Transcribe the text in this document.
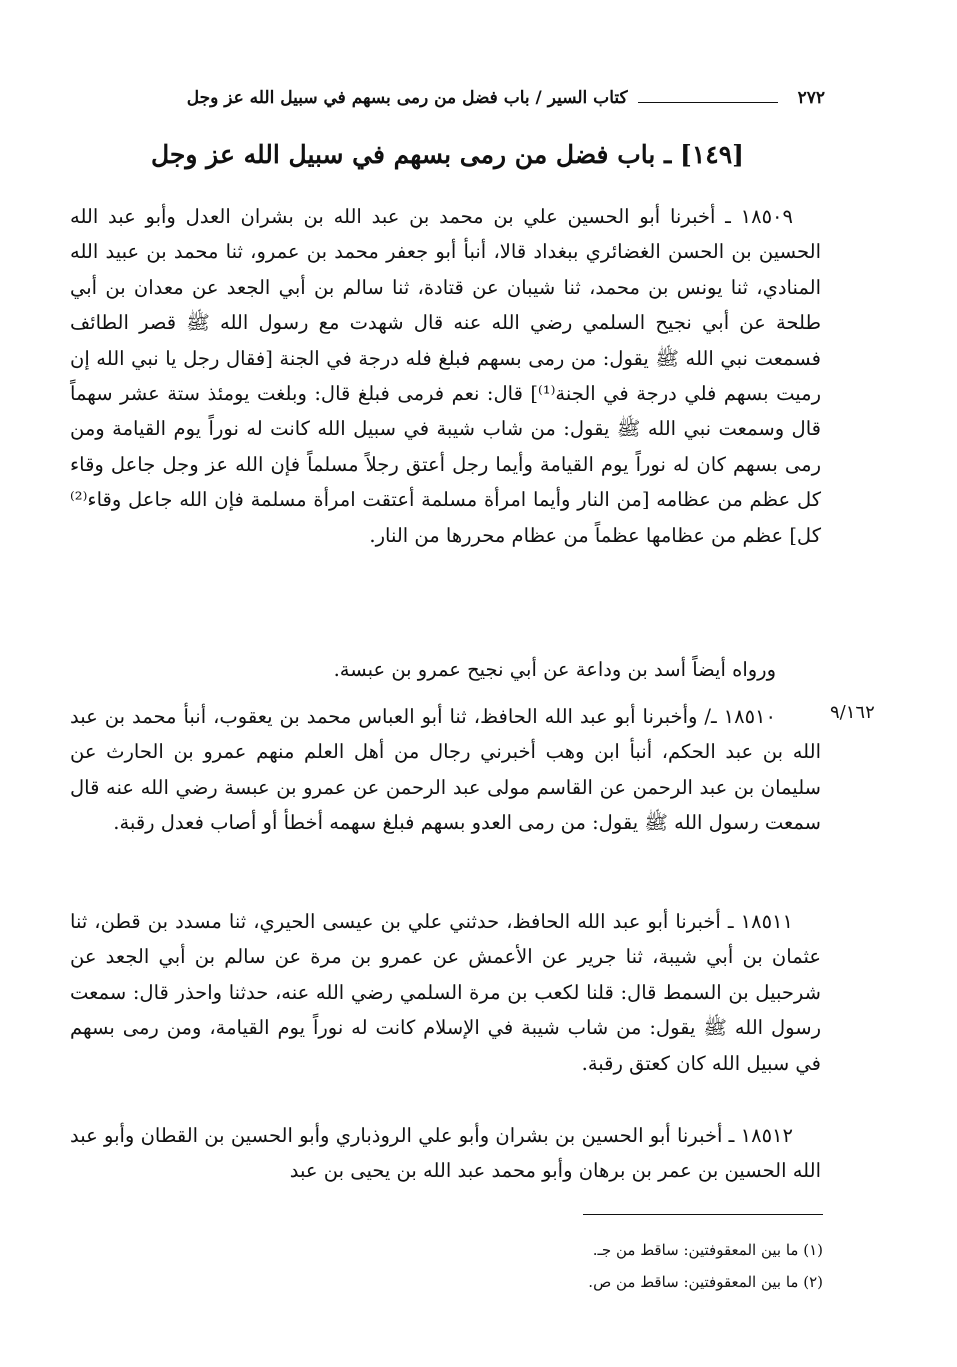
٢٧٢
كتاب السير / باب فضل من رمى بسهم في سبيل الله عز وجل
[١٤٩] ـ باب فضل من رمى بسهم في سبيل الله عز وجل

١٨٥٠٩ ـ أخبرنا أبو الحسين علي بن محمد بن عبد الله بن بشران العدل وأبو عبد الله الحسين بن الحسن الغضائري ببغداد قالا، أنبأ أبو جعفر محمد بن عمرو، ثنا محمد بن عبيد الله المنادي، ثنا يونس بن محمد، ثنا شيبان عن قتادة، ثنا سالم بن أبي الجعد عن معدان بن أبي طلحة عن أبي نجيح السلمي رضي الله عنه قال شهدت مع رسول الله ﷺ قصر الطائف فسمعت نبي الله ﷺ يقول: من رمى بسهم فبلغ فله درجة في الجنة [فقال رجل يا نبي الله إن رميت بسهم فلي درجة في الجنة⁽¹⁾] قال: نعم فرمى فبلغ قال: وبلغت يومئذ ستة عشر سهماً قال وسمعت نبي الله ﷺ يقول: من شاب شيبة في سبيل الله كانت له نوراً يوم القيامة ومن رمى بسهم كان له نوراً يوم القيامة وأيما رجل أعتق رجلاً مسلماً فإن الله عز وجل جاعل وقاء كل عظم من عظامه [من النار وأيما امرأة مسلمة أعتقت امرأة مسلمة فإن الله جاعل وقاء⁽²⁾ كل] عظم من عظامها عظماً من عظام محررها من النار.

ورواه أيضاً أسد بن وداعة عن أبي نجيح عمرو بن عبسة.

٩/١٦٢

١٨٥١٠ ـ/ وأخبرنا أبو عبد الله الحافظ، ثنا أبو العباس محمد بن يعقوب، أنبأ محمد بن عبد الله بن عبد الحكم، أنبأ ابن وهب أخبرني رجال من أهل العلم منهم عمرو بن الحارث عن سليمان بن عبد الرحمن عن القاسم مولى عبد الرحمن عن عمرو بن عبسة رضي الله عنه قال سمعت رسول الله ﷺ يقول: من رمى العدو بسهم فبلغ سهمه أخطأ أو أصاب فعدل رقبة.

١٨٥١١ ـ أخبرنا أبو عبد الله الحافظ، حدثني علي بن عيسى الحيري، ثنا مسدد بن قطن، ثنا عثمان بن أبي شيبة، ثنا جرير عن الأعمش عن عمرو بن مرة عن سالم بن أبي الجعد عن شرحبيل بن السمط قال: قلنا لكعب بن مرة السلمي رضي الله عنه، حدثنا واحذر قال: سمعت رسول الله ﷺ يقول: من شاب شيبة في الإسلام كانت له نوراً يوم القيامة، ومن رمى بسهم في سبيل الله كان كعتق رقبة.

١٨٥١٢ ـ أخبرنا أبو الحسين بن بشران وأبو علي الروذباري وأبو الحسين بن القطان وأبو عبد الله الحسين بن عمر بن برهان وأبو محمد عبد الله بن يحيى بن عبد

(١) ما بين المعقوفتين: ساقط من جـ.
(٢) ما بين المعقوفتين: ساقط من ص.
